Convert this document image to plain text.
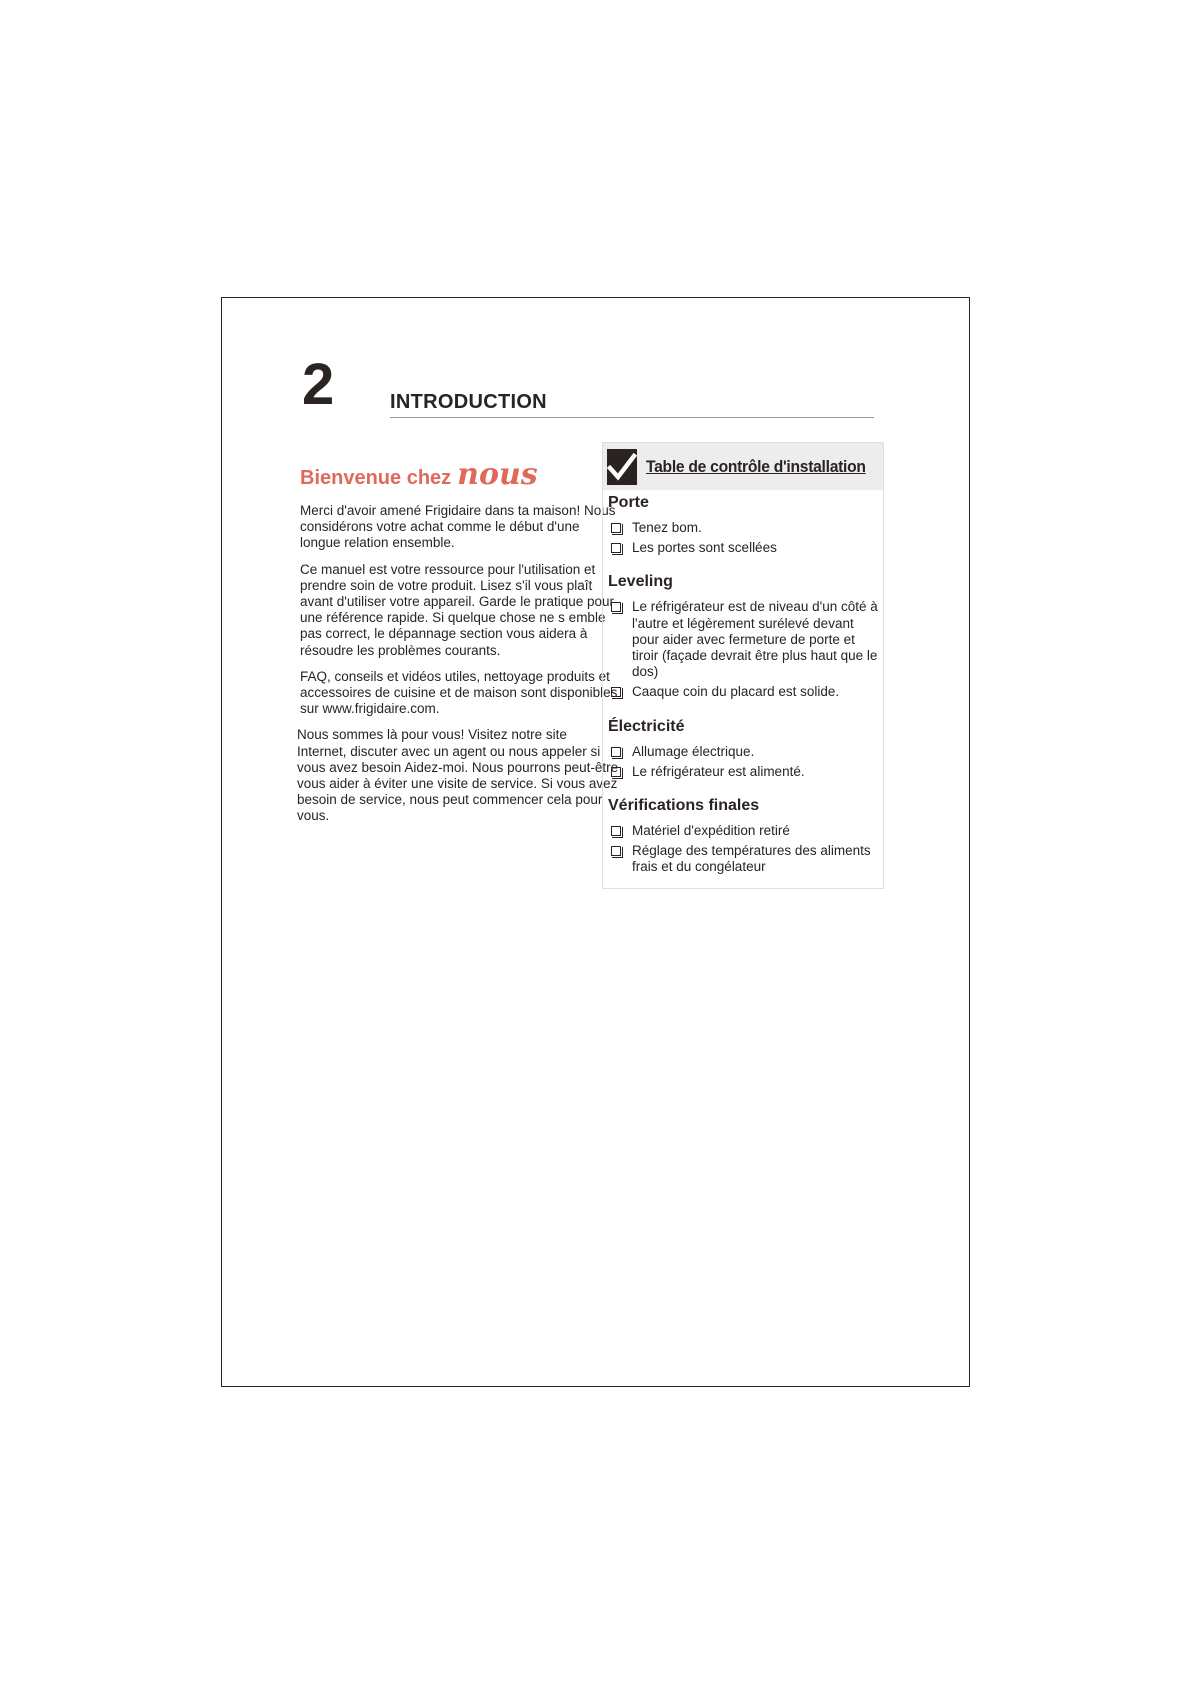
2	INTRODUCTION
Bienvenue chez nous

Merci d'avoir amené Frigidaire dans ta maison! Nous considérons votre achat comme le début d'une longue relation ensemble.

Ce manuel est votre ressource pour l'utilisation et prendre soin de votre produit. Lisez s'il vous plaît avant d'utiliser votre appareil. Garde le pratique pour une référence rapide. Si quelque chose ne s emble pas correct, le dépannage section vous aidera à résoudre les problèmes courants.

FAQ, conseils et vidéos utiles, nettoyage produits et accessoires de cuisine et de maison sont disponibles sur www.frigidaire.com.

Nous sommes là pour vous! Visitez notre site Internet, discuter avec un agent ou nous appeler si vous avez besoin Aidez-moi. Nous pourrons peut-être vous aider à éviter une visite de service. Si vous avez besoin de service, nous peut commencer cela pour vous.

Table de contrôle d'installation
Porte
Tenez bom.
Les portes sont scellées
Leveling
Le réfrigérateur est de niveau d'un côté à l'autre et légèrement surélevé devant pour aider avec fermeture de porte et tiroir (façade devrait être plus haut que le dos)
Caaque coin du placard est solide.
Électricité
Allumage électrique.
Le réfrigérateur est alimenté.
Vérifications finales
Matériel d'expédition retiré
Réglage des températures des aliments frais et du congélateur
